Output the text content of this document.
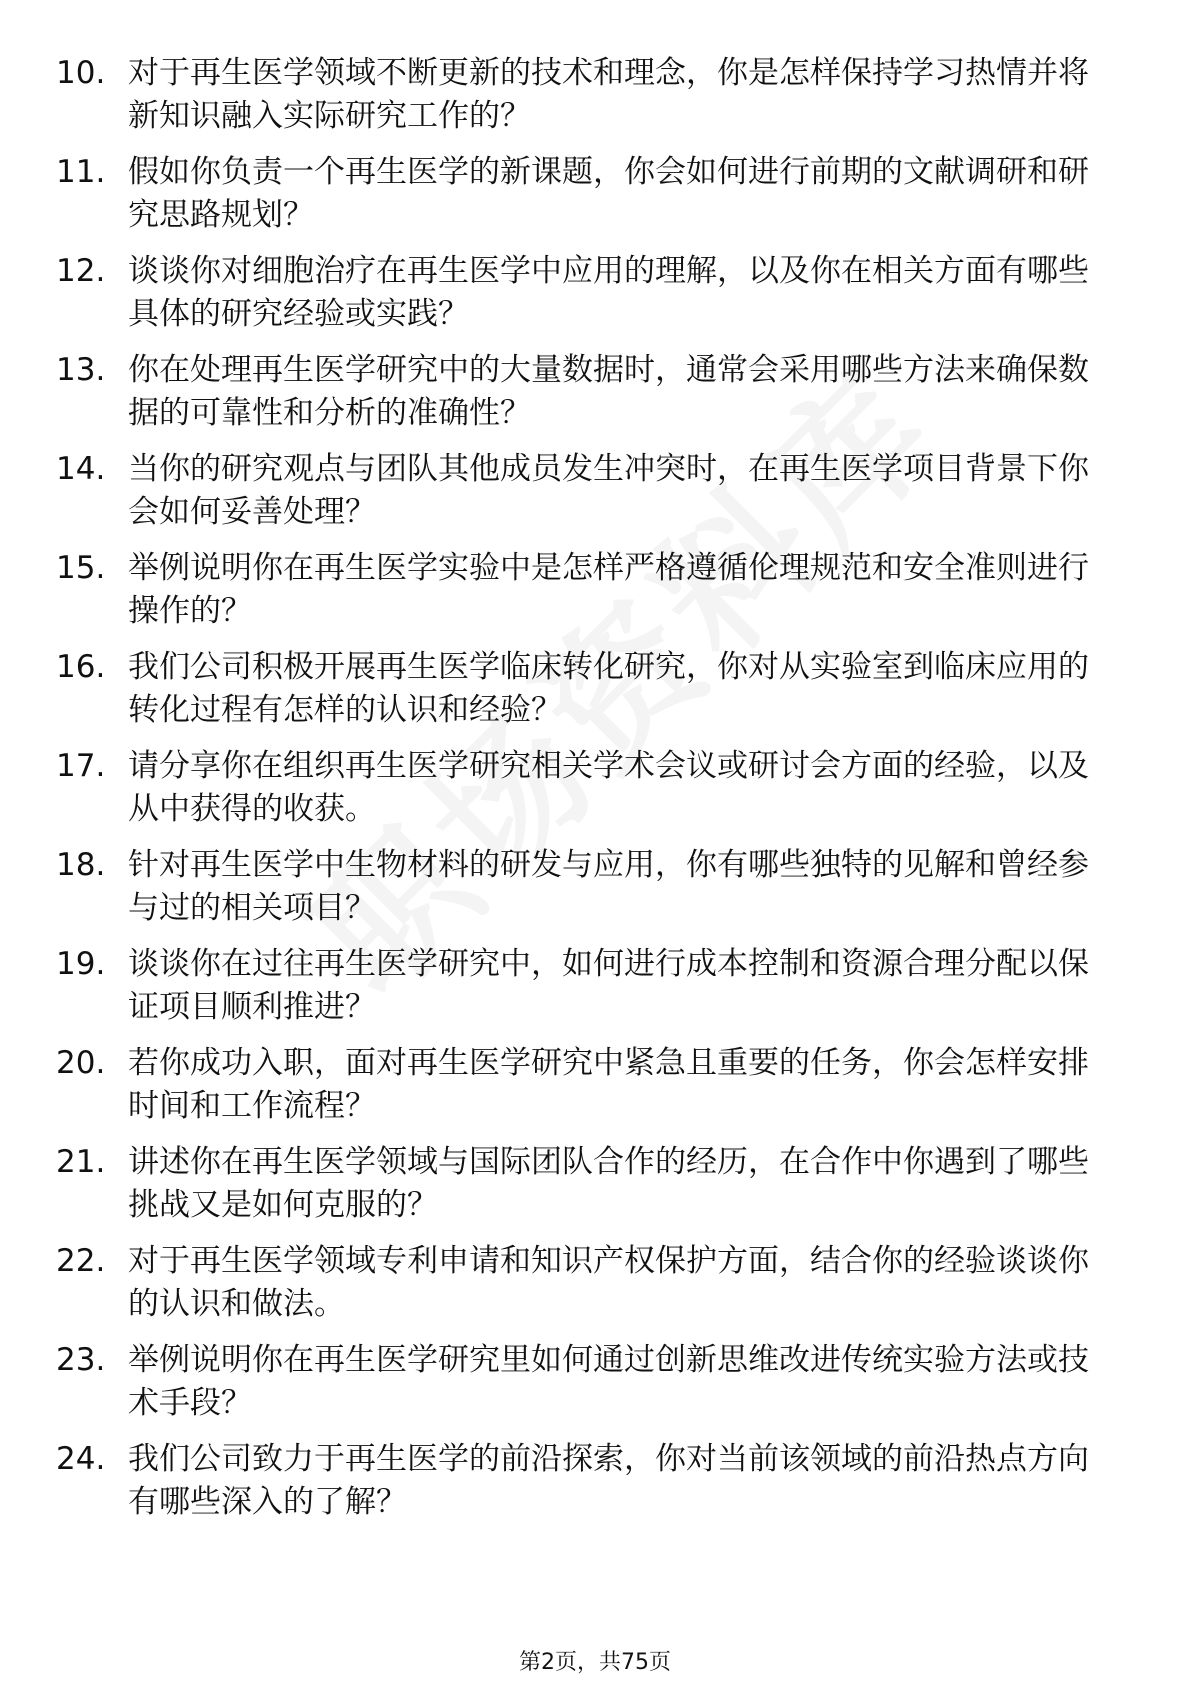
10. 对于再生医学领域不断更新的技术和理念，你是怎样保持学习热情并将新知识融入实际研究工作的？
11. 假如你负责一个再生医学的新课题，你会如何进行前期的文献调研和研究思路规划？
12. 谈谈你对细胞治疗在再生医学中应用的理解，以及你在相关方面有哪些具体的研究经验或实践？
13. 你在处理再生医学研究中的大量数据时，通常会采用哪些方法来确保数据的可靠性和分析的准确性？
14. 当你的研究观点与团队其他成员发生冲突时，在再生医学项目背景下你会如何妥善处理？
15. 举例说明你在再生医学实验中是怎样严格遵循伦理规范和安全准则进行操作的？
16. 我们公司积极开展再生医学临床转化研究，你对从实验室到临床应用的转化过程有怎样的认识和经验？
17. 请分享你在组织再生医学研究相关学术会议或研讨会方面的经验，以及从中获得的收获。
18. 针对再生医学中生物材料的研发与应用，你有哪些独特的见解和曾经参与过的相关项目？
19. 谈谈你在过往再生医学研究中，如何进行成本控制和资源合理分配以保证项目顺利推进？
20. 若你成功入职，面对再生医学研究中紧急且重要的任务，你会怎样安排时间和工作流程？
21. 讲述你在再生医学领域与国际团队合作的经历，在合作中你遇到了哪些挑战又是如何克服的？
22. 对于再生医学领域专利申请和知识产权保护方面，结合你的经验谈谈你的认识和做法。
23. 举例说明你在再生医学研究里如何通过创新思维改进传统实验方法或技术手段？
24. 我们公司致力于再生医学的前沿探索，你对当前该领域的前沿热点方向有哪些深入的了解？
第2页，共75页
